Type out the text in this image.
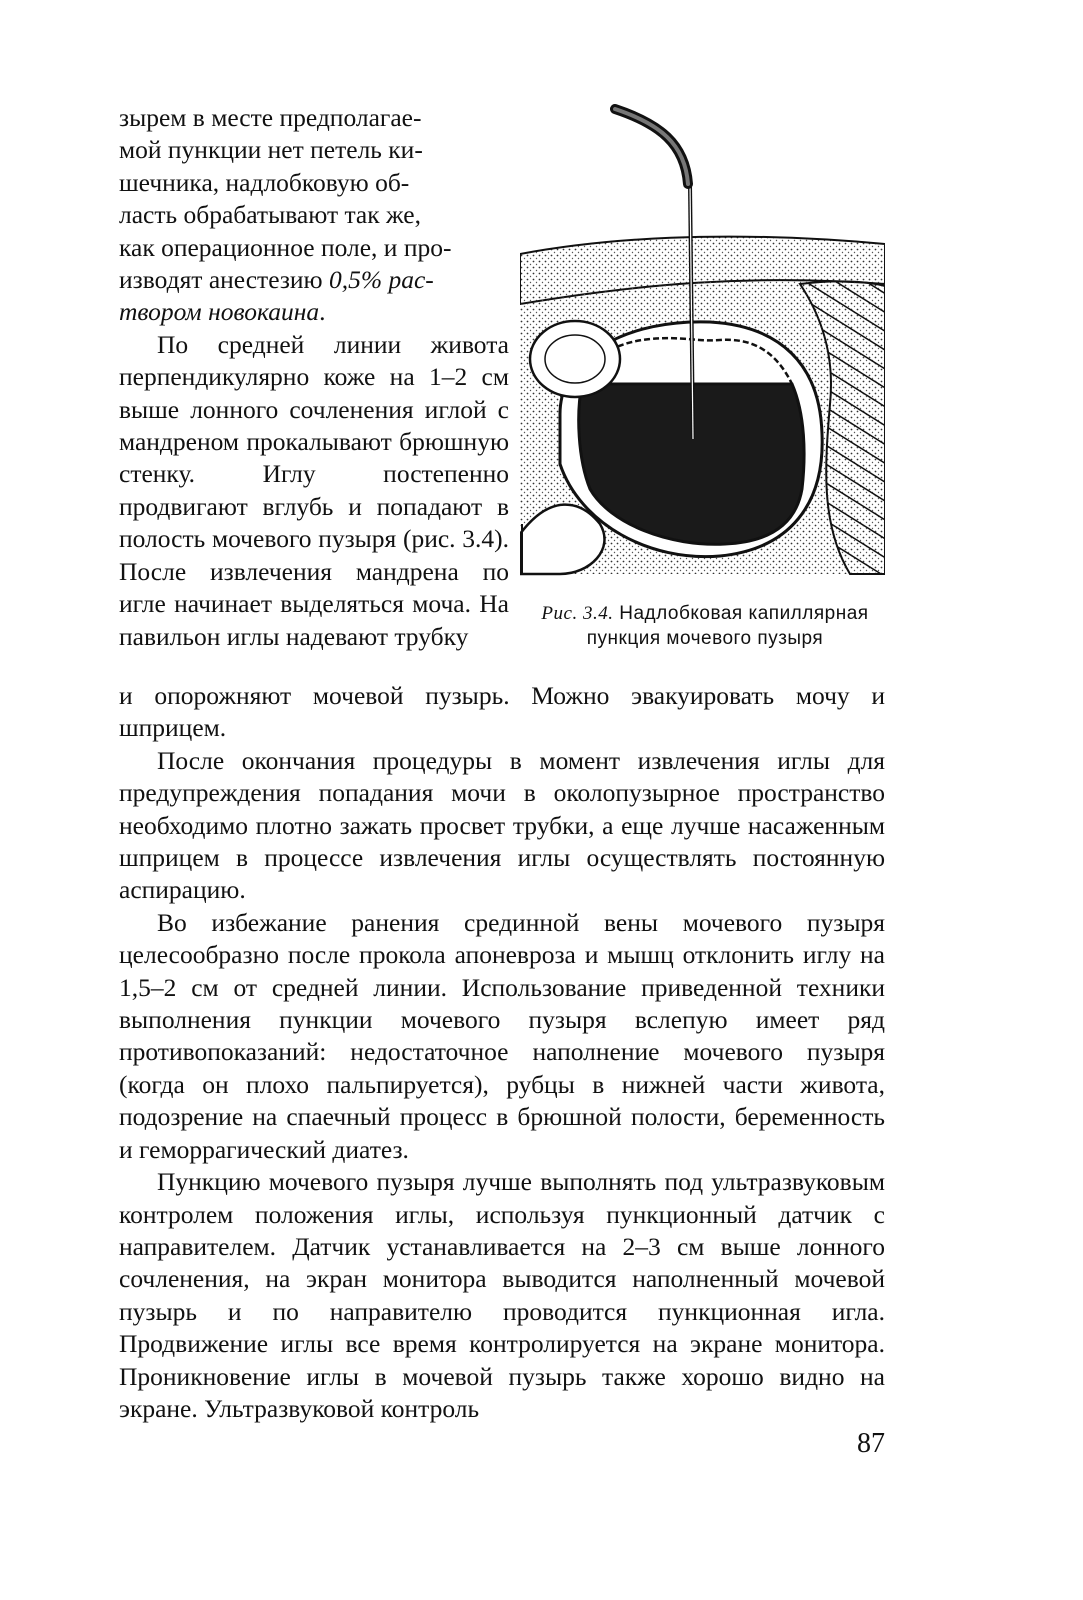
зырем в месте предполагае-
мой пункции нет петель ки-
шечника, надлобковую об-
ласть обрабатывают так же,
как операционное поле, и про-
изводят анестезию 0,5% рас-
твором новокаина.

По средней линии живота перпендикулярно коже на 1–2 см выше лонного сочленения иглой с мандреном прокалывают брюшную стенку. Иглу постепенно продвигают вглубь и попадают в полость мочевого пузыря (рис. 3.4). После извлечения мандрена по игле начинает выделяться моча. На павильон иглы надевают трубку

Рис. 3.4. Надлобковая капиллярная пункция мочевого пузыря

и опорожняют мочевой пузырь. Можно эвакуировать мочу и шприцем.

После окончания процедуры в момент извлечения иглы для предупреждения попадания мочи в околопузырное пространство необходимо плотно зажать просвет трубки, а еще лучше насаженным шприцем в процессе извлечения иглы осуществлять постоянную аспирацию.

Во избежание ранения срединной вены мочевого пузыря целесообразно после прокола апоневроза и мышц отклонить иглу на 1,5–2 см от средней линии. Использование приведенной техники выполнения пункции мочевого пузыря вслепую имеет ряд противопоказаний: недостаточное наполнение мочевого пузыря (когда он плохо пальпируется), рубцы в нижней части живота, подозрение на спаечный процесс в брюшной полости, беременность и геморрагический диатез.

Пункцию мочевого пузыря лучше выполнять под ультразвуковым контролем положения иглы, используя пункционный датчик с направителем. Датчик устанавливается на 2–3 см выше лонного сочленения, на экран монитора выводится наполненный мочевой пузырь и по направителю проводится пункционная игла. Продвижение иглы все время контролируется на экране монитора. Проникновение иглы в мочевой пузырь также хорошо видно на экране. Ультразвуковой контроль

87
